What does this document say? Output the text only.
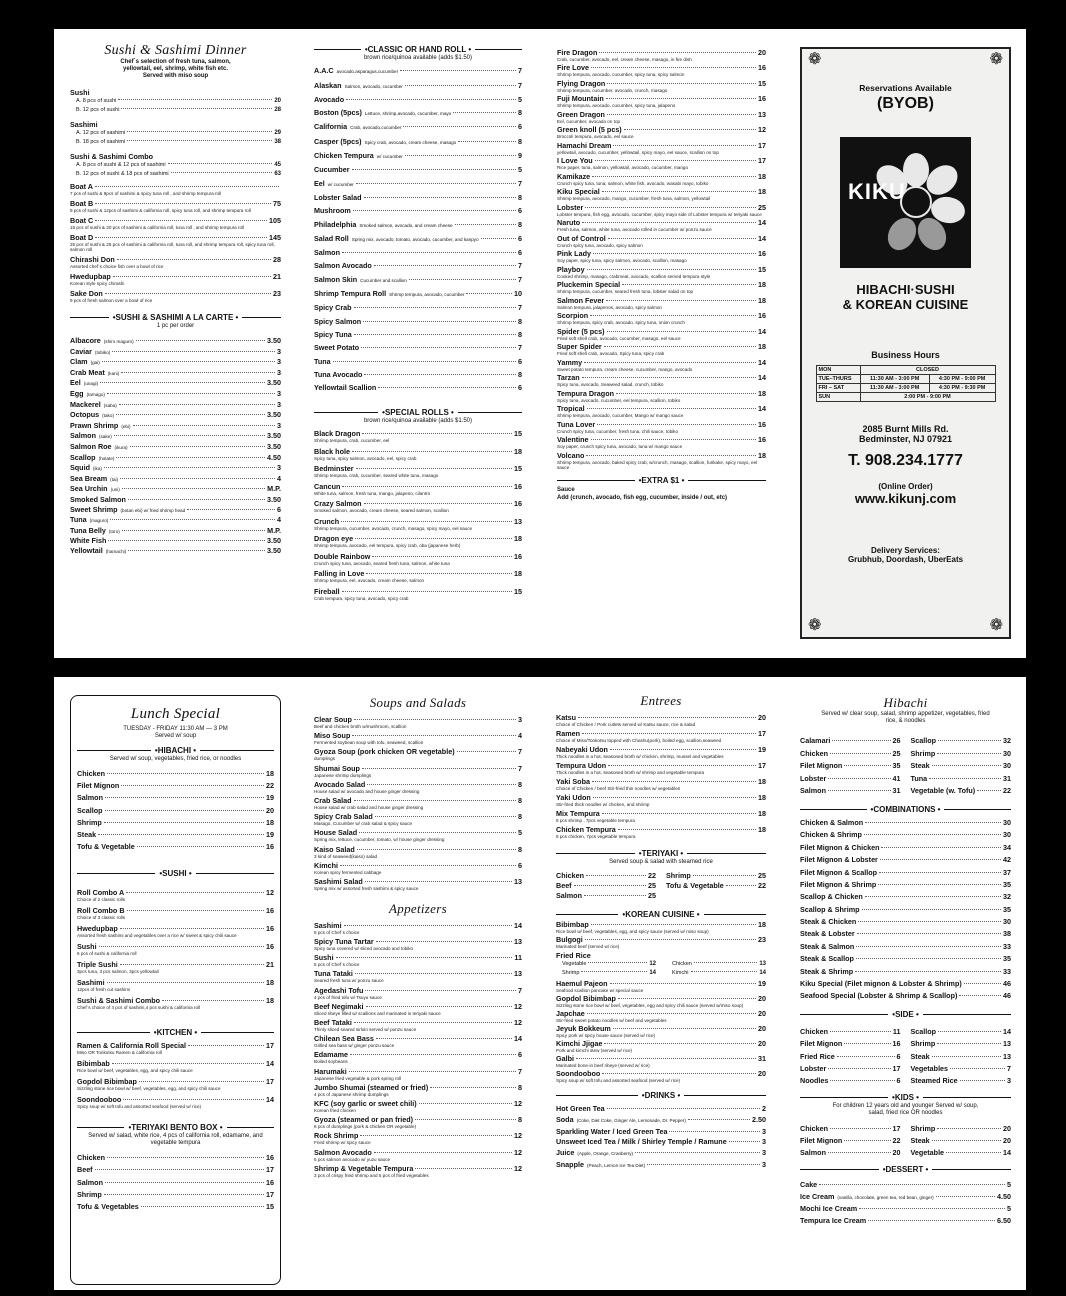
Sushi & Sashimi Dinner
Chef`s selection of fresh tuna, salmon,
yellowtail, eel, shrimp, white fish etc.
Served with miso soup
Sushi
A. 8 pcs of sushi	20
B. 12 pcs of sushi	28
Sashimi
A. 12 pcs of sashimi	29
B. 18 pcs of sashimi	38
Sushi & Sashimi Combo
A. 8 pcs of sushi & 12 pcs of sashimi	45
B. 12 pcs of sushi & 18 pcs of sashimi	63
Boat A
7 pcs of sushi & 9pcs of sashimi & spicy tuna roll , and shrimp tempura roll
Boat B	75
9 pcs of sushi & 12pcs of sashimi & california roll, spicy tuna roll, and shrimp tempura roll
Boat C	105
15 pcs of sushi & 20 pcs of sashimi & california roll, tuna roll , and shrimp tempura roll
Boat D	145
25 pcs of sushi & 25 pcs of sashimi & california roll, tuna roll, and shrimp tempura roll, spicy tuna roll, salmon roll
Chirashi Don	28
Assorted chef`s choice fish over a bowl of rice
Hwedupbap	21
Korean style spicy chirashi
Sake Don	23
9 pcs of fresh salmon over a bowl of rice
• SUSHI & SASHIMI A LA CARTE •
1 pc per order
Albacore (shiro maguro)	3.50
Caviar (tobiko)	3
Clam (gai)	3
Crab Meat (kani)	3
Eel (unagi)	3.50
Egg (tamago)	3
Mackerel (saba)	3
Octopus (tako)	3.50
Prawn Shrimp (ebi)	3
Salmon (sake)	3.50
Salmon Roe (ikura)	3.50
Scallop (hotate)	4.50
Squid (ika)	3
Sea Bream (tai)	4
Sea Urchin (uni)	M.P.
Smoked Salmon	3.50
Sweet Shrimp (botan ebi) w/ fried shrimp head	6
Tuna (maguro)	4
Tuna Belly (toro)	M.P.
White Fish	3.50
Yellowtail (hamachi)	3.50
• CLASSIC OR HAND ROLL •
brown rice/quinoa available (adds $1.50)
A.A.C avocado,asparagus,cucumber	7
Alaskan Salmon, avocado, cucumber	7
Avocado	5
Boston (5pcs) Lettuce, shrimp,avocado, cucumber, mayo	8
California Crab, avocado,cucumber	6
Casper (5pcs) Spicy crab, avocado, cream cheese, masago	8
Chicken Tempura w/ cucumber	9
Cucumber	5
Eel w/ cucumber	7
Lobster Salad	8
Mushroom	6
Philadelphia Smoked salmon, avocado, and cream cheese	8
Salad Roll Spring mix, avocado, tomato, avocado, cucumber, and kanpyo	6
Salmon	6
Salmon Avocado	7
Salmon Skin Cucumber and scallion	7
Shrimp Tempura Roll Shrimp tempura, avocado, cucumber	10
Spicy Crab	7
Spicy Salmon	8
Spicy Tuna	8
Sweet Potato	7
Tuna	6
Tuna Avocado	8
Yellowtail Scallion	6
• SPECIAL ROLLS •
brown rice/quinoa available (adds $1.50)
Black Dragon	15
Shrimp tempura, crab, cucumber, eel
Black hole	18
Spicy tuna, spicy salmon, avocado, eel, spicy crab
Bedminster	15
Shrimp tempura, crab, cucumber, seared white tuna, masago
Cancun	16
White tuna, salmon, fresh tuna, mango, jalapeno, cilantro
Crazy Salmon	16
Smoked salmon, avocado, cream cheese, seared salmon, scallion
Crunch	13
Shrimp tempura, cucumber, avocado, crunch, masago, spicy mayo, eel sauce
Dragon eye	18
Shrimp tempura, avocado, eel tempura, spicy crab, oba (japanese herb)
Double Rainbow	16
Crunch spicy tuna, avocado, seared fresh tuna, salmon, white tuna
Falling in Love	18
Shrimp tempura, eel, avocado, cream cheese, salmon
Fireball	15
Crab tempura, spicy tuna, avocado, spicy crab
Fire Dragon	20
Crab, cucumber, avocado, eel, cream cheese, masago, in fire dish
Fire Love	16
Shrimp tempura, avocado, cucumber, spicy tuna, spicy salmon
Flying Dragon	15
Shrimp tempura, cucumber, avocado, crunch, masago
Fuji Mountain	16
Shrimp tempura, avocado, cucumber, spicy tuna, jalapeno
Green Dragon	13
Eel, cucumber, avocado on top
Green knoll (5 pcs)	12
Broccoli tempura, avocado, eel sauce
Hamachi Dream	17
yellowtail, avocado, cucumber, yellowtail, spicy mayo, eel sauce, scallion on top
I Love You	17
Rice paper, tuna, salmon, yellowtail, avocado, cucumber, mango
Kamikaze	18
Crunch spicy tuna, tuna, salmon, white fish, avocado, wasabi mayo, tobiko
Kiku Special	18
Shrimp tempura, avocado, mango, cucumber, fresh tuna, salmon, yellowtail
Lobster	25
Lobster tempura, fish egg, avocado, cucumber, spicy mayo side of Lobster tempura w/ teriyaki sauce
Naruto	14
Fresh tuna, salmon, white tuna, avocado rolled in cucumber w/ ponzu sauce
Out of Control	14
Crunch spicy tuna, avocado, spicy salmon
Pink Lady	16
Soy paper, spicy tuna, spicy salmon, avocado, scallion, masago
Playboy	15
Cooked shrimp, masago, crabmeat, avocado, scallion served tempura style
Pluckemin Special	18
Shrimp tempura, cucumber, seared fresh tuna, lobster salad on top
Salmon Fever	18
Salmon tempura, jalapenos, avocado, spicy salmon
Scorpion	16
Shrimp tempura, spicy crab, avocado, spicy tuna, onion crunch
Spider (5 pcs)	14
Fried soft shell crab, avocado, cucumber, masago, eel sauce
Super Spider	18
Fried soft shell crab, avocado, Spicy tuna, spicy crab
Yammy	14
Sweet potato tempura, cream cheese, cucumber, mango, avocado
Tarzan	14
Spicy tuna, avocado, Seaweed salad, crunch, tobiko
Tempura Dragon	18
Spicy tuna, avocado, cucumber, eel tempura, scallion, tobiko
Tropical	14
Shrimp tempura, avocado, cucumber, Mango w/ mango sauce
Tuna Lover	16
Crunch spicy tuna, cucumber, fresh tuna, chili sauce, tobiko
Valentine	16
Soy paper, crunch spicy tuna, avocado, tuna w/ mango sauce
Volcano	18
Shrimp tempura, avocado, baked spicy crab, w/crunch, masago, scallion, furikake, spicy mayo, eel sauce
• EXTRA $1 •
Sauce
Add (crunch, avocado, fish egg, cucumber, inside / out, etc)
❁	❁
❁	❁
Reservations Available
(BYOB)
KIKU
HIBACHI·SUSHI
& KOREAN CUISINE
Business Hours
MON	CLOSED	
TUE–THURS	11:30 AM - 3:00 PM	4:30 PM - 9:00 PM
FRI – SAT	11:30 AM - 3:00 PM	4:30 PM - 9:30 PM
SUN	2:00 PM - 9:00 PM	
2085 Burnt Mills Rd.
Bedminster, NJ 07921
T. 908.234.1777
(Online Order)
www.kikunj.com
Delivery Services:
Grubhub, Doordash, UberEats
Lunch Special
TUESDAY - FRIDAY 11:30 AM — 3 PM
Served w/ soup
• HIBACHI •
Served w/ soup, vegetables, fried rice, or noodles
Chicken	18
Filet Mignon	22
Salmon	19
Scallop	20
Shrimp	18
Steak	19
Tofu & Vegetable	16
• SUSHI •
Roll Combo A	12
Choice of 2 classic rolls
Roll Combo B	16
Choice of 3 classic rolls
Hwedupbap	16
Assorted fresh sashimi and vegetables over a rice w/ sweet & spicy chili sauce
Sushi	16
6 pcs of sushi & california roll
Triple Sushi	21
3pcs tuna, 3 pcs salmon, 3pcs yellowtail
Sashimi	18
12pcs of fresh cut sashimi
Sushi & Sashimi Combo	18
Chef`s choice of 4 pcs of sashimi,4 pcs sushi & california roll
• KITCHEN •
Ramen & California Roll Special	17
Miso OR Tonkotsu Ramen & california roll
Bibimbab	14
Rice bowl w/ beef, vegetables, egg, and spicy chili sauce
Gopdol Bibimbap	17
Sizzling stone rice bowl w/ beef, vegetables, egg, and spicy chili sauce
Soondooboo	14
Spicy soup w/ soft tofu and assorted seafood (served w/ rice)
• TERIYAKI BENTO BOX •
Served w/ salad, white rice, 4 pcs of california roll, edamame, and vegetable tempura
Chicken	16
Beef	17
Salmon	16
Shrimp	17
Tofu & Vegetables	15
Soups and Salads
Clear Soup	3
Beef and chicken broth w/mushroom, scallion
Miso Soup	4
Fermented soybean soup with tofu, seaweed, scallion
Gyoza Soup (pork chicken OR vegetable)	7
dumplings
Shumai Soup	7
Japanese shrimp dumplings
Avocado Salad	8
House salad w/ avocado and house ginger dressing
Crab Salad	8
House salad w/ crab salad and house ginger dressing
Spicy Crab Salad	8
Masago, Cucumber w/ crab salad & spicy sauce
House Salad	5
Spring mix, lettuce, cucumber, tomato, w/ house ginger dressing
Kaiso Salad	8
3 kind of seaweed(kaiso) salad
Kimchi	6
Korean spicy fermented cabbage
Sashimi Salad	13
Spring mix w/ assorted fresh sashimi & spicy sauce
Appetizers
Sashimi	14
8 pcs of Chef`s choice
Spicy Tuna Tartar	13
Spicy tuna covered w/ sliced avocado and tobiko
Sushi	11
5 pcs of Chef`s choice
Tuna Tataki	13
Seared fresh tuna w/ ponzu sauce
Agedashi Tofu	7
4 pcs of fried tofu w/ Tsuyu sauce
Beef Negimaki	12
Sliced ribeye filled w/ scallions and marinated in teriyaki sauce
Beef Tataki	12
Thinly sliced seared sirloin served w/ ponzu sauce
Chilean Sea Bass	14
Grilled sea bass w/ ginger ponzu sauce
Edamame	6
Boiled soybeans
Harumaki	7
Japanese fried vegetable & pork spring roll
Jumbo Shumai (steamed or fried)	8
4 pcs of Japanese shrimp dumplings
KFC (soy garlic or sweet chili)	12
Korean fried chicken
Gyoza (steamed or pan fried)	8
6 pcs of dumplings (pork & chicken OR vegetable)
Rock Shrimp	12
Fried shrimp w/ spicy sauce
Salmon Avocado	12
5 pcs salmon avocado w/ yuzu sauce
Shrimp & Vegetable Tempura	12
3 pcs of crispy fried shrimp and 5 pcs of fried vegetables
Entrees
Katsu	20
Choice of Chicken / Pork cutlets served w/ Katsu sauce, rice & salad
Ramen	17
Choice of Miso/Tonkotsu topped with Chashu(pork), boiled egg, scallion,seaweed
Nabeyaki Udon	19
Thick noodles in a hot, seasoned broth w/ chicken, shrimp, mussel and vegetables
Tempura Udon	17
Thick noodles in a hot, seasoned broth w/ shrimp and vegetable tempura
Yaki Soba	18
Choice of Chicken / beef Stir-fried thin noodles w/ vegetables
Yaki Udon	18
Stir-fried thick noodles w/ chicken, and shrimp
Mix Tempura	18
6 pcs shrimp , 7pcs vegetable tempura
Chicken Tempura	18
6 pcs chicken, 7pcs vegetable tempura
• TERIYAKI •
Served soup & salad with steamed rice
Chicken	22 Shrimp	25
Beef	25 Tofu & Vegetable	22
Salmon	25
• KOREAN CUISINE •
Bibimbap	18
Rice bowl w/ beef, vegetables, egg, and spicy sauce (served w/ miso soup)
Bulgogi	23
Marinated beef (served w/ rice)
Fried Rice
Vegetable	12	Chicken	13
Shrimp	14	Kimchi	14
Haemul Pajeon	19
Seafood scallion pancake w/ special sauce
Gopdol Bibimbap	20
Sizzling stone rice bowl w/ beef, vegetables, egg and spicy chili sauce (served w/miso soup)
Japchae	20
Stir-fried sweet potato noodles w/ beef and vegetables
Jeyuk Bokkeum	20
Spicy pork w/ spicy house sauce (served w/ rice)
Kimchi Jjigae	20
Pork and kimchi stew (served w/ rice)
Galbi	31
Marinated bone-in beef ribeye (served w/ rice)
Soondooboo	20
Spicy soup w/ soft tofu and assorted seafood (served w/ rice)
• DRINKS •
Hot Green Tea	2
Soda (Coke, Diet Coke, Ginger Ale, Lemonade, Dr. Pepper)	2.50
Sparkling Water / Iced Green Tea	3
Unsweet Iced Tea / Milk / Shirley Temple / Ramune	3
Juice (Apple, Orange, Cranberry)	3
Snapple (Peach, Lemon Ice Tea Diet)	3
Hibachi
Served w/ clear soup, salad, shrimp appetizer, vegetables, fried rice, & noodles
Calamari	26 Scallop	32
Chicken	25 Shrimp	30
Filet Mignon	35 Steak	30
Lobster	41 Tuna	31
Salmon	31 Vegetable (w. Tofu)	22
• COMBINATIONS •
Chicken & Salmon	30
Chicken & Shrimp	30
Filet Mignon & Chicken	34
Filet Mignon & Lobster	42
Filet Mignon & Scallop	37
Filet Mignon & Shrimp	35
Scallop & Chicken	32
Scallop & Shrimp	35
Steak & Chicken	30
Steak & Lobster	38
Steak & Salmon	33
Steak & Scallop	35
Steak & Shrimp	33
Kiku Special (Filet mignon & Lobster & Shrimp)	46
Seafood Special (Lobster & Shrimp & Scallop)	46
• SIDE •
Chicken	11 Scallop	14
Filet Mignon	16 Shrimp	13
Fried Rice	6 Steak	13
Lobster	17 Vegetables	7
Noodles	6 Steamed Rice	3
• KIDS •
For children 12 years old and younger Served w/ soup, salad, fried rice OR noodles
Chicken	17 Shrimp	20
Filet Mignon	22 Steak	20
Salmon	20 Vegetable	14
• DESSERT •
Cake	5
Ice Cream (vanilla, chocolate, green tea, red bean, ginger)	4.50
Mochi Ice Cream	5
Tempura Ice Cream	6.50
